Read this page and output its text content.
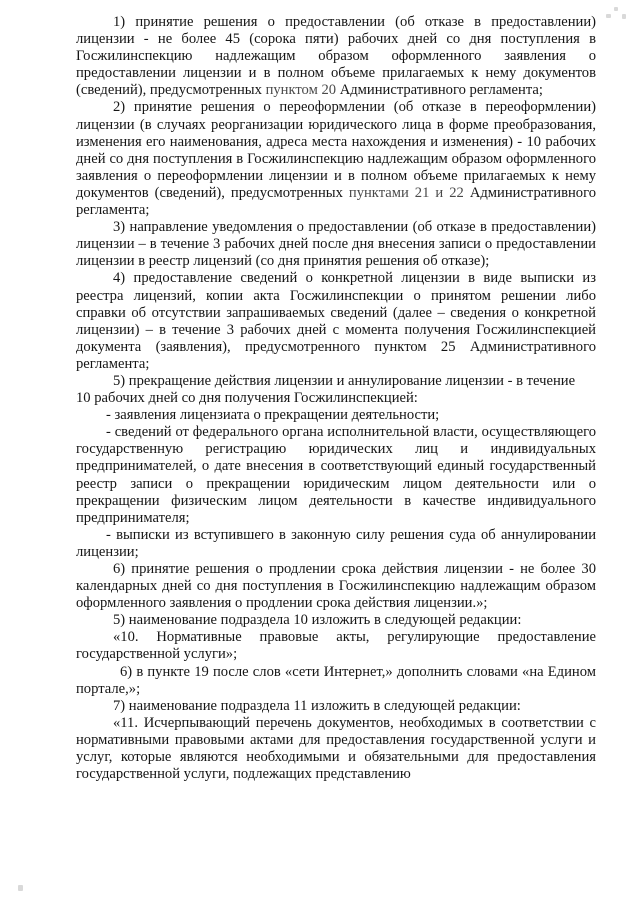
1) принятие решения о предоставлении (об отказе в предоставлении) лицензии - не более 45 (сорока пяти) рабочих дней со дня поступления в Госжилинспекцию надлежащим образом оформленного заявления о предоставлении лицензии и в полном объеме прилагаемых к нему документов (сведений), предусмотренных пунктом 20 Административного регламента;

2) принятие решения о переоформлении (об отказе в переоформлении) лицензии (в случаях реорганизации юридического лица в форме преобразования, изменения его наименования, адреса места нахождения и изменения) - 10 рабочих дней со дня поступления в Госжилинспекцию надлежащим образом оформленного заявления о переоформлении лицензии и в полном объеме прилагаемых к нему документов (сведений), предусмотренных пунктами 21 и 22 Административного регламента;

3) направление уведомления о предоставлении (об отказе в предоставлении) лицензии – в течение 3 рабочих дней после дня внесения записи о предоставлении лицензии в реестр лицензий (со дня принятия решения об отказе);

4) предоставление сведений о конкретной лицензии в виде выписки из реестра лицензий, копии акта Госжилинспекции о принятом решении либо справки об отсутствии запрашиваемых сведений (далее – сведения о конкретной лицензии) – в течение 3 рабочих дней с момента получения Госжилинспекцией документа (заявления), предусмотренного пунктом 25 Административного регламента;

5) прекращение действия лицензии и аннулирование лицензии - в течение

10 рабочих дней со дня получения Госжилинспекцией:

- заявления лицензиата о прекращении деятельности;

- сведений от федерального органа исполнительной власти, осуществляющего государственную регистрацию юридических лиц и индивидуальных предпринимателей, о дате внесения в соответствующий единый государственный реестр записи о прекращении юридическим лицом деятельности или о прекращении физическим лицом деятельности в качестве индивидуального предпринимателя;

- выписки из вступившего в законную силу решения суда об аннулировании лицензии;

6) принятие решения о продлении срока действия лицензии - не более 30 календарных дней со дня поступления в Госжилинспекцию надлежащим образом оформленного заявления о продлении срока действия лицензии.»;

5) наименование подраздела 10 изложить в следующей редакции:

«10. Нормативные правовые акты, регулирующие предоставление государственной услуги»;

6) в пункте 19 после слов «сети Интернет,» дополнить словами «на Едином портале,»;

7) наименование подраздела 11 изложить в следующей редакции:

«11. Исчерпывающий перечень документов, необходимых в соответствии с нормативными правовыми актами для предоставления государственной услуги и услуг, которые являются необходимыми и обязательными для предоставления государственной услуги, подлежащих представлению
